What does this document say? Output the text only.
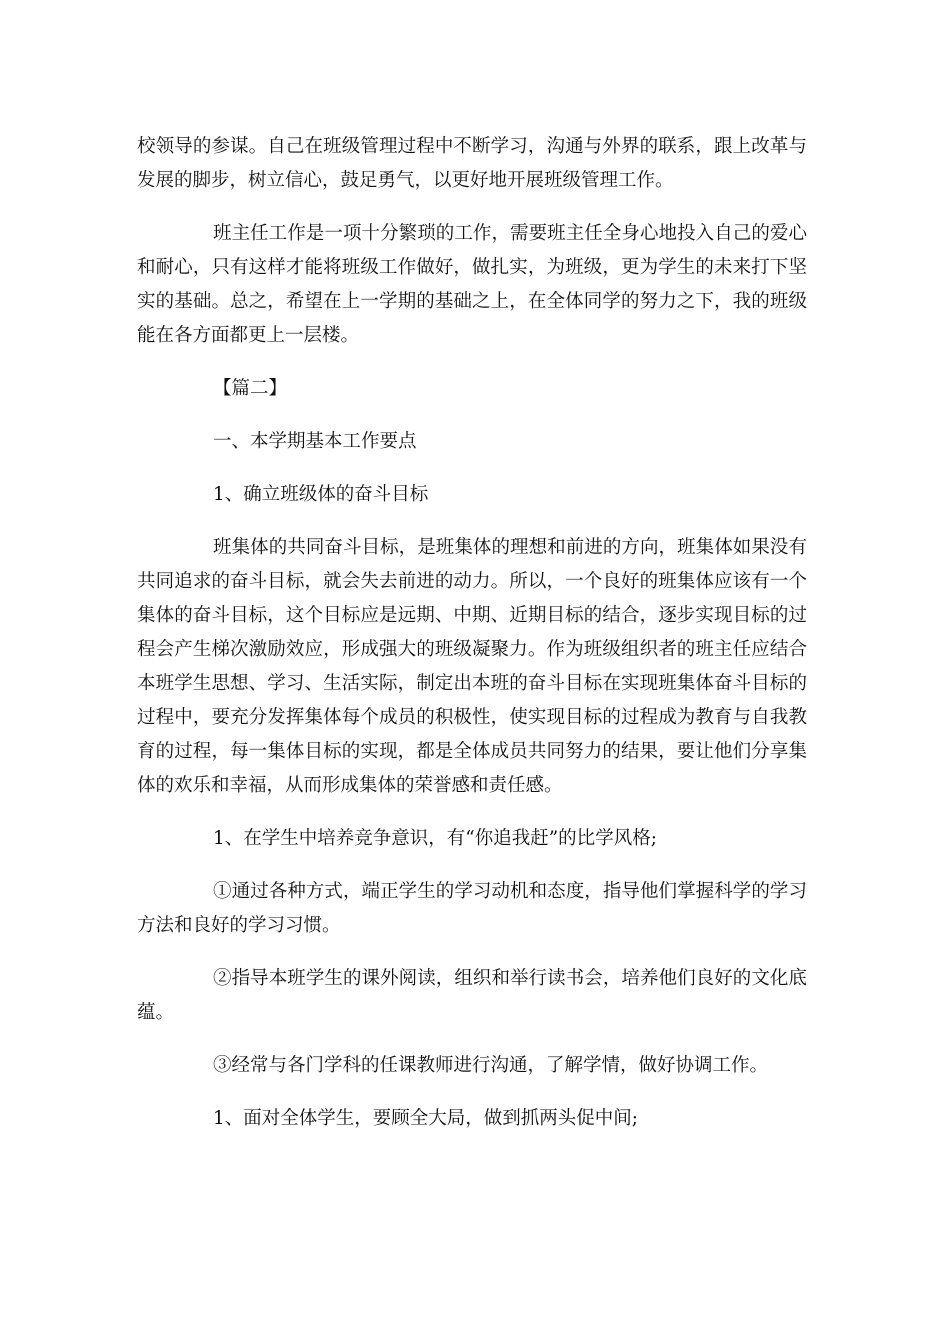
校领导的参谋。自己在班级管理过程中不断学习，沟通与外界的联系，跟上改革与发展的脚步，树立信心，鼓足勇气，以更好地开展班级管理工作。

班主任工作是一项十分繁琐的工作，需要班主任全身心地投入自己的爱心和耐心，只有这样才能将班级工作做好，做扎实，为班级，更为学生的未来打下坚实的基础。总之，希望在上一学期的基础之上，在全体同学的努力之下，我的班级能在各方面都更上一层楼。

【篇二】

一、本学期基本工作要点

1、确立班级体的奋斗目标

班集体的共同奋斗目标，是班集体的理想和前进的方向，班集体如果没有共同追求的奋斗目标，就会失去前进的动力。所以，一个良好的班集体应该有一个集体的奋斗目标，这个目标应是远期、中期、近期目标的结合，逐步实现目标的过程会产生梯次激励效应，形成强大的班级凝聚力。作为班级组织者的班主任应结合本班学生思想、学习、生活实际，制定出本班的奋斗目标在实现班集体奋斗目标的过程中，要充分发挥集体每个成员的积极性，使实现目标的过程成为教育与自我教育的过程，每一集体目标的实现，都是全体成员共同努力的结果，要让他们分享集体的欢乐和幸福，从而形成集体的荣誉感和责任感。

1、在学生中培养竞争意识，有“你追我赶”的比学风格;

①通过各种方式，端正学生的学习动机和态度，指导他们掌握科学的学习方法和良好的学习习惯。

②指导本班学生的课外阅读，组织和举行读书会，培养他们良好的文化底蕴。

③经常与各门学科的任课教师进行沟通，了解学情，做好协调工作。

1、面对全体学生，要顾全大局，做到抓两头促中间;
